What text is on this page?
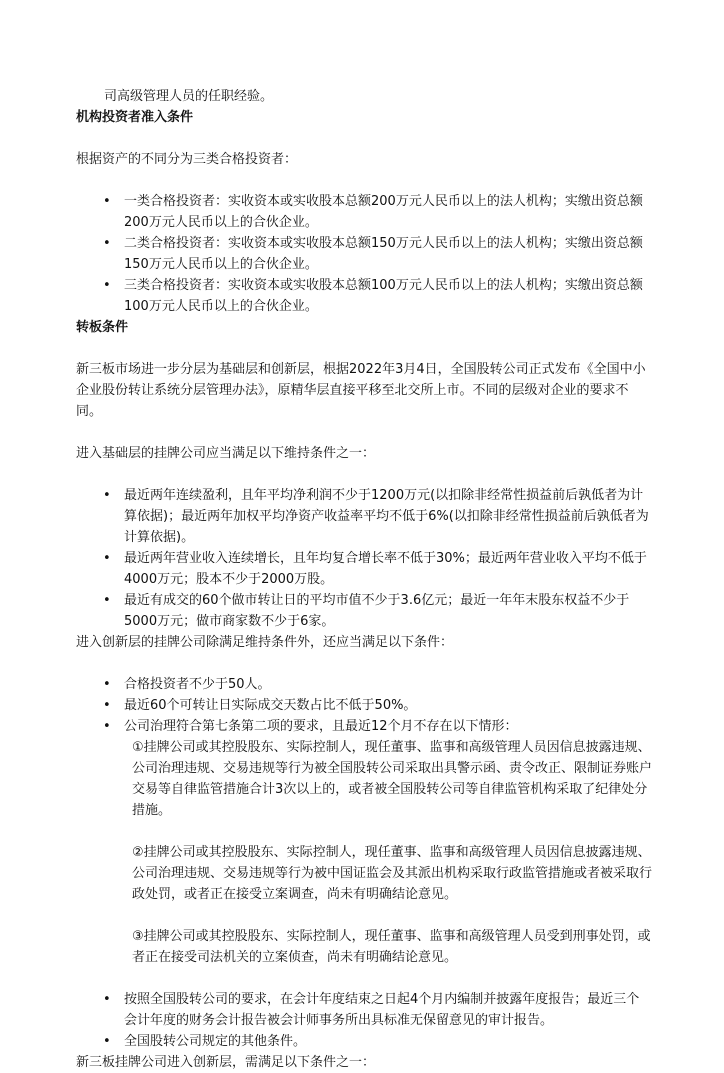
司高级管理人员的任职经验。

机构投资者准入条件

根据资产的不同分为三类合格投资者：

• 一类合格投资者：实收资本或实收股本总额200万元人民币以上的法人机构；实缴出资总额200万元人民币以上的合伙企业。
• 二类合格投资者：实收资本或实收股本总额150万元人民币以上的法人机构；实缴出资总额150万元人民币以上的合伙企业。
• 三类合格投资者：实收资本或实收股本总额100万元人民币以上的法人机构；实缴出资总额100万元人民币以上的合伙企业。

转板条件

新三板市场进一步分层为基础层和创新层，根据2022年3月4日，全国股转公司正式发布《全国中小企业股份转让系统分层管理办法》，原精华层直接平移至北交所上市。不同的层级对企业的要求不同。

进入基础层的挂牌公司应当满足以下维持条件之一：

• 最近两年连续盈利，且年平均净利润不少于1200万元(以扣除非经常性损益前后孰低者为计算依据)；最近两年加权平均净资产收益率平均不低于6%(以扣除非经常性损益前后孰低者为计算依据)。
• 最近两年营业收入连续增长，且年均复合增长率不低于30%；最近两年营业收入平均不低于4000万元；股本不少于2000万股。
• 最近有成交的60个做市转让日的平均市值不少于3.6亿元；最近一年年末股东权益不少于5000万元；做市商家数不少于6家。

进入创新层的挂牌公司除满足维持条件外，还应当满足以下条件：

• 合格投资者不少于50人。
• 最近60个可转让日实际成交天数占比不低于50%。
• 公司治理符合第七条第二项的要求，且最近12个月不存在以下情形：

①挂牌公司或其控股股东、实际控制人，现任董事、监事和高级管理人员因信息披露违规、公司治理违规、交易违规等行为被全国股转公司采取出具警示函、责令改正、限制证券账户交易等自律监管措施合计3次以上的，或者被全国股转公司等自律监管机构采取了纪律处分措施。

②挂牌公司或其控股股东、实际控制人，现任董事、监事和高级管理人员因信息披露违规、公司治理违规、交易违规等行为被中国证监会及其派出机构采取行政监管措施或者被采取行政处罚，或者正在接受立案调查，尚未有明确结论意见。

③挂牌公司或其控股股东、实际控制人，现任董事、监事和高级管理人员受到刑事处罚，或者正在接受司法机关的立案侦查，尚未有明确结论意见。

• 按照全国股转公司的要求，在会计年度结束之日起4个月内编制并披露年度报告；最近三个会计年度的财务会计报告被会计师事务所出具标准无保留意见的审计报告。
• 全国股转公司规定的其他条件。

新三板挂牌公司进入创新层，需满足以下条件之一：
